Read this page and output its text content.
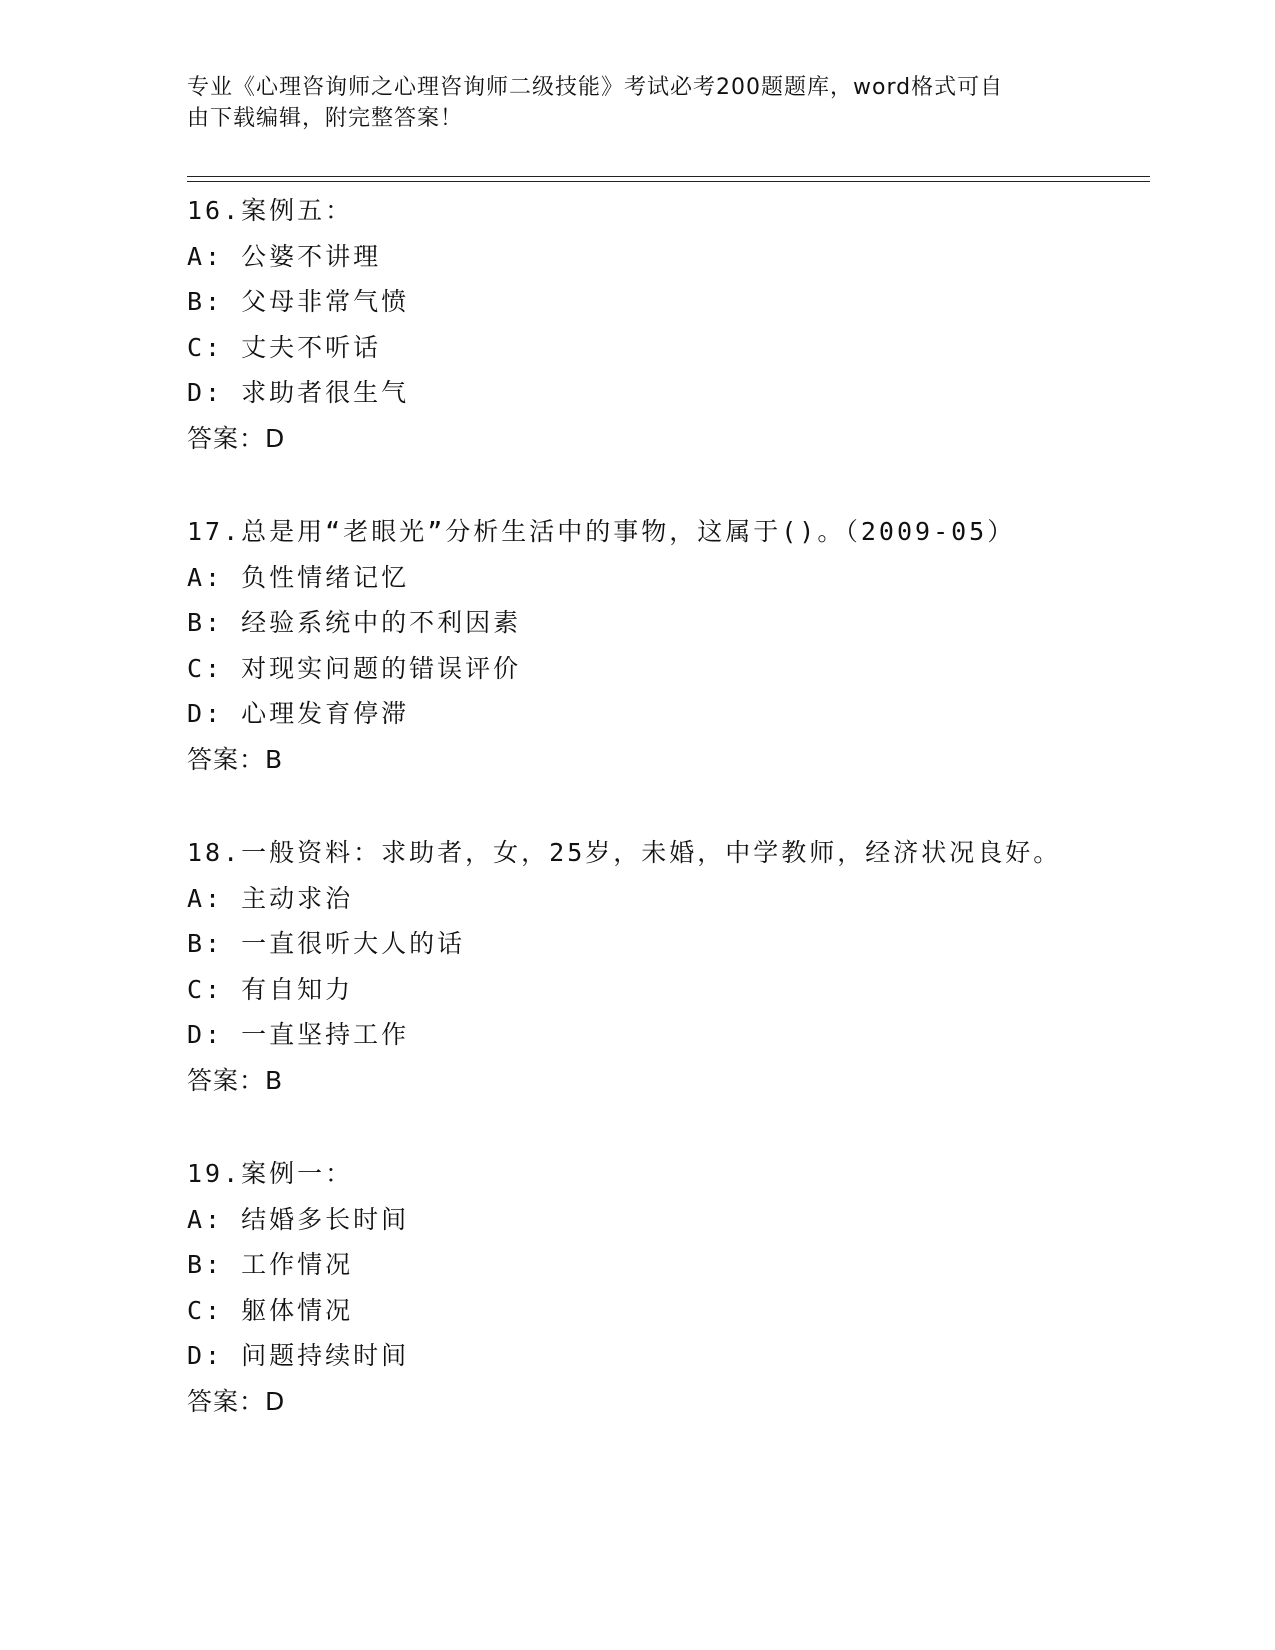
专业《心理咨询师之心理咨询师二级技能》考试必考200题题库，word格式可自
由下载编辑，附完整答案！
16.案例五：
A: 公婆不讲理
B: 父母非常气愤
C: 丈夫不听话
D: 求助者很生气
答案：D
17.总是用“老眼光”分析生活中的事物，这属于()。（2009-05）
A: 负性情绪记忆
B: 经验系统中的不利因素
C: 对现实问题的错误评价
D: 心理发育停滞
答案：B
18.一般资料：求助者，女，25岁，未婚，中学教师，经济状况良好。
A: 主动求治
B: 一直很听大人的话
C: 有自知力
D: 一直坚持工作
答案：B
19.案例一：
A: 结婚多长时间
B: 工作情况
C: 躯体情况
D: 问题持续时间
答案：D
